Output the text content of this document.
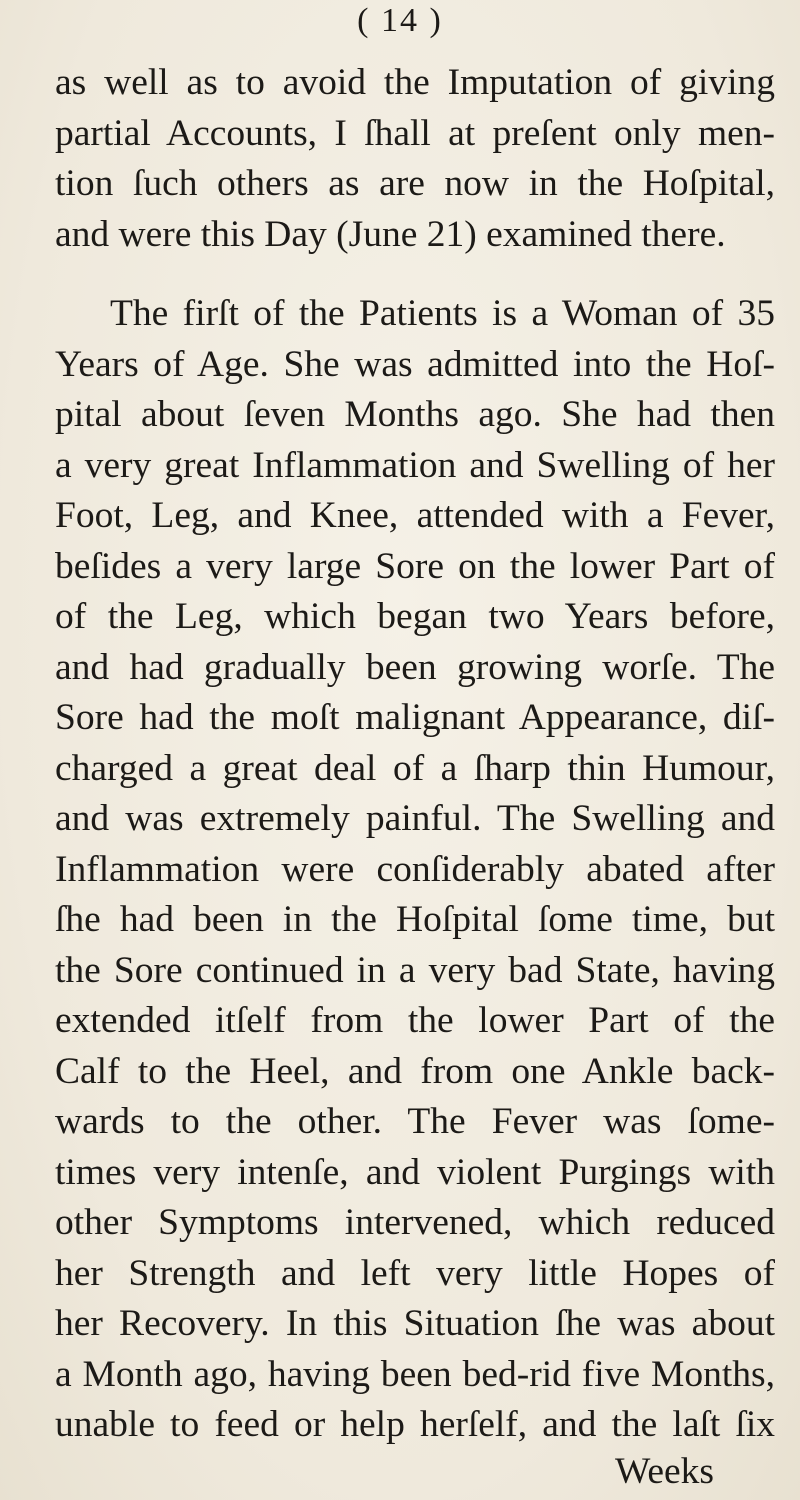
( 14 )
as well as to avoid the Imputation of giving
partial Accounts, I ſhall at preſent only men-
tion ſuch others as are now in the Hoſpital,
and were this Day (June 21) examined there.
The firſt of the Patients is a Woman of 35
Years of Age. She was admitted into the Hoſ-
pital about ſeven Months ago. She had then
a very great Inflammation and Swelling of her
Foot, Leg, and Knee, attended with a Fever,
beſides a very large Sore on the lower Part of
of the Leg, which began two Years before,
and had gradually been growing worſe. The
Sore had the moſt malignant Appearance, diſ-
charged a great deal of a ſharp thin Humour,
and was extremely painful. The Swelling and
Inflammation were conſiderably abated after
ſhe had been in the Hoſpital ſome time, but
the Sore continued in a very bad State, having
extended itſelf from the lower Part of the
Calf to the Heel, and from one Ankle back-
wards to the other. The Fever was ſome-
times very intenſe, and violent Purgings with
other Symptoms intervened, which reduced
her Strength and left very little Hopes of
her Recovery. In this Situation ſhe was about
a Month ago, having been bed-rid five Months,
unable to feed or help herſelf, and the laſt ſix
Weeks
